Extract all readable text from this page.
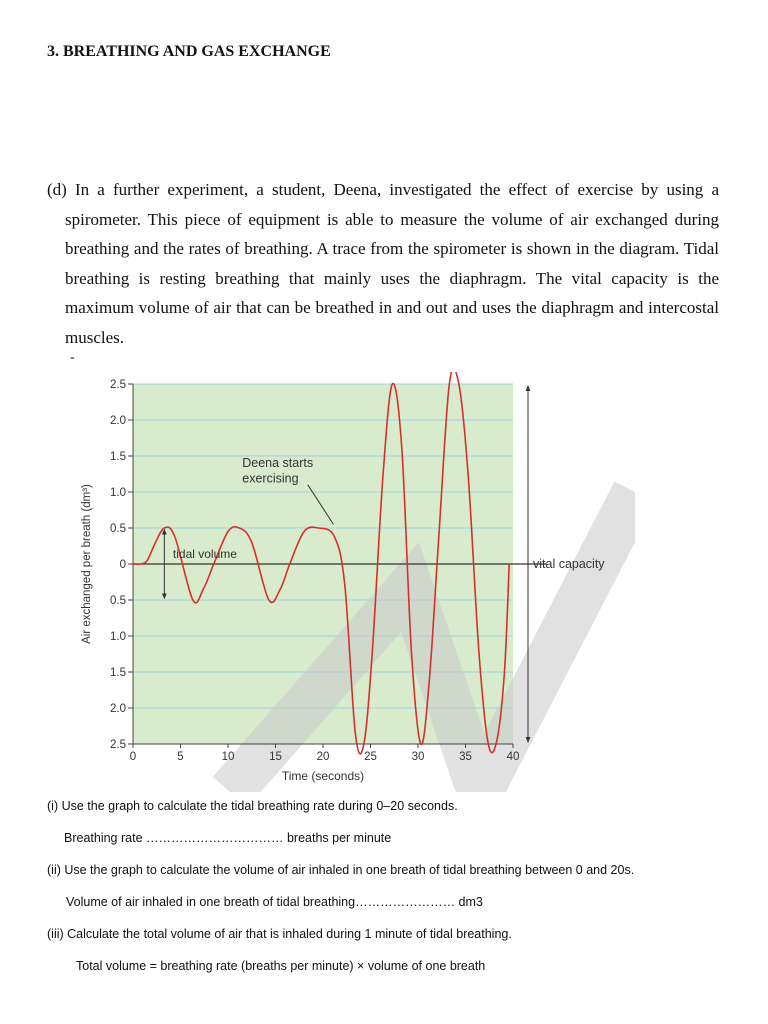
3. BREATHING AND GAS EXCHANGE

(d) In a further experiment, a student, Deena, investigated the effect of exercise by using a spirometer. This piece of equipment is able to measure the volume of air exchanged during breathing and the rates of breathing. A trace from the spirometer is shown in the diagram. Tidal breathing is resting breathing that mainly uses the diaphragm. The vital capacity is the maximum volume of air that can be breathed in and out and uses the diaphragm and intercostal muscles.

-
2.5
2.0
1.5
1.0
0.5
0
0.5
1.0
1.5
2.0
2.5
0	5	10	15	20	25	30	35	40
Time (seconds)
Air exchanged per breath (dm³)	tidal volume
Deena starts
exercising
vital capacity
(i) Use the graph to calculate the tidal breathing rate during 0–20 seconds.
Breathing rate …………………………… breaths per minute
(ii) Use the graph to calculate the volume of air inhaled in one breath of tidal breathing between 0 and 20s.
Volume of air inhaled in one breath of tidal breathing…………………… dm3
(iii) Calculate the total volume of air that is inhaled during 1 minute of tidal breathing.
Total volume = breathing rate (breaths per minute) × volume of one breath
